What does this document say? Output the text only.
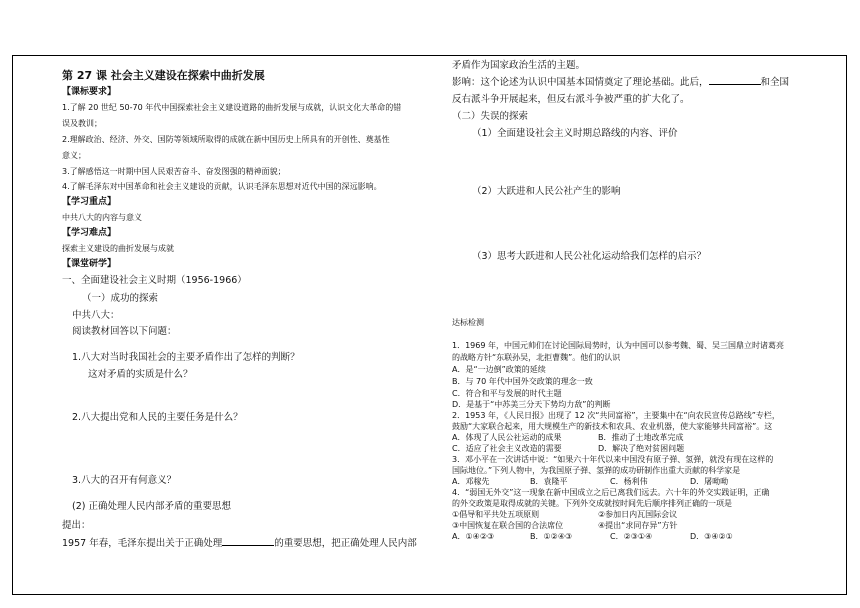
第 27 课 社会主义建设在探索中曲折发展
【课标要求】
1.了解 20 世纪 50-70 年代中国探索社会主义建设道路的曲折发展与成就，认识文化大革命的错
误及教训；
2.理解政治、经济、外交、国防等领域所取得的成就在新中国历史上所具有的开创性、奠基性
意义；
3.了解感悟这一时期中国人民艰苦奋斗、奋发图强的精神面貌；
4.了解毛泽东对中国革命和社会主义建设的贡献，认识毛泽东思想对近代中国的深远影响。
【学习重点】
中共八大的内容与意义
【学习难点】
探索主义建设的曲折发展与成就
【课堂研学】
一、全面建设社会主义时期（1956-1966）
（一）成功的探索
中共八大：
阅读教材回答以下问题：
1.八大对当时我国社会的主要矛盾作出了怎样的判断？
这对矛盾的实质是什么？
2.八大提出党和人民的主要任务是什么？
3.八大的召开有何意义？
(2) 正确处理人民内部矛盾的重要思想
提出：
1957 年春，毛泽东提出关于正确处理	的重要思想，把正确处理人民内部
矛盾作为国家政治生活的主题。
影响：这个论述为认识中国基本国情奠定了理论基础。此后，	和全国
反右派斗争开展起来，但反右派斗争被严重的扩大化了。
（二）失误的探索
（1）全面建设社会主义时期总路线的内容、评价
（2）大跃进和人民公社产生的影响
（3）思考大跃进和人民公社化运动给我们怎样的启示？
达标检测
1．1969 年，中国元帅们在讨论国际局势时，认为中国可以参考魏、蜀、吴三国鼎立时诸葛亮
的战略方针“东联孙吴，北拒曹魏”。他们的认识
A．是“一边倒”政策的延续
B．与 70 年代中国外交政策的理念一致
C．符合和平与发展的时代主题
D．是基于“中苏美三分天下势均力敌”的判断
2．1953 年，《人民日报》出现了 12 次“共同富裕”，主要集中在“向农民宣传总路线”专栏，
鼓励“大家联合起来，用大规模生产的新技术和农具、农业机器，使大家能够共同富裕”。这
A．体现了人民公社运动的成果	B．推动了土地改革完成
C．适应了社会主义改造的需要	D．解决了绝对贫困问题
3．邓小平在一次讲话中说：“如果六十年代以来中国没有原子弹、氢弹，就没有现在这样的
国际地位。”下列人物中，为我国原子弹、氢弹的成功研制作出重大贡献的科学家是
A．邓稼先	B．袁隆平	C．杨利伟	D．屠呦呦
4．“弱国无外交”这一现象在新中国成立之后已离我们远去。六十年的外交实践证明，正确
的外交政策是取得成就的关键。下列外交成就按时间先后顺序排列正确的一项是
①倡导和平共处五项原则	②参加日内瓦国际会议
③中国恢复在联合国的合法席位	④提出“求同存异”方针
A．①④②③	B．①②④③	C．②③①④	D．③④②①
